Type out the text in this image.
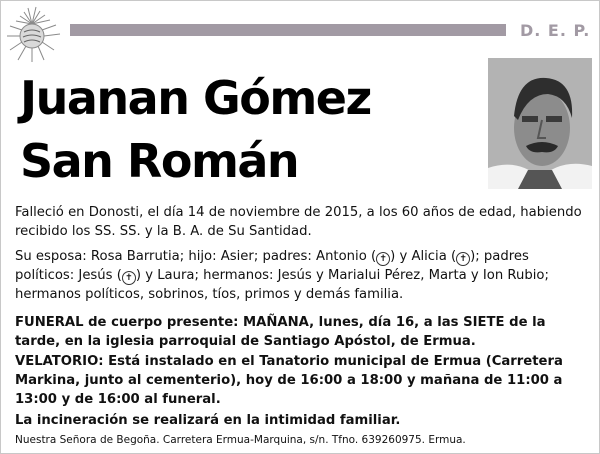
D. E. P.
Juanan Gómez
San Román
Falleció en Donosti, el día 14 de noviembre de 2015, a los 60 años de edad, habiendo recibido los SS. SS. y la B. A. de Su Santidad.
Su esposa: Rosa Barrutia; hijo: Asier; padres: Antonio ( ✝ ) y Alicia ( ✝ ); padres políticos: Jesús ( ✝ ) y Laura; hermanos: Jesús y Marialui Pérez, Marta y Ion Rubio; hermanos políticos, sobrinos, tíos, primos y demás familia.
FUNERAL de cuerpo presente: MAÑANA, lunes, día 16, a las SIETE de la tarde, en la iglesia parroquial de Santiago Apóstol, de Ermua.
VELATORIO: Está instalado en el Tanatorio municipal de Ermua (Carretera Markina, junto al cementerio), hoy de 16:00 a 18:00 y mañana de 11:00 a 13:00 y de 16:00 al funeral.
La incineración se realizará en la intimidad familiar.
Nuestra Señora de Begoña. Carretera Ermua-Marquina, s/n. Tfno. 639260975. Ermua.
